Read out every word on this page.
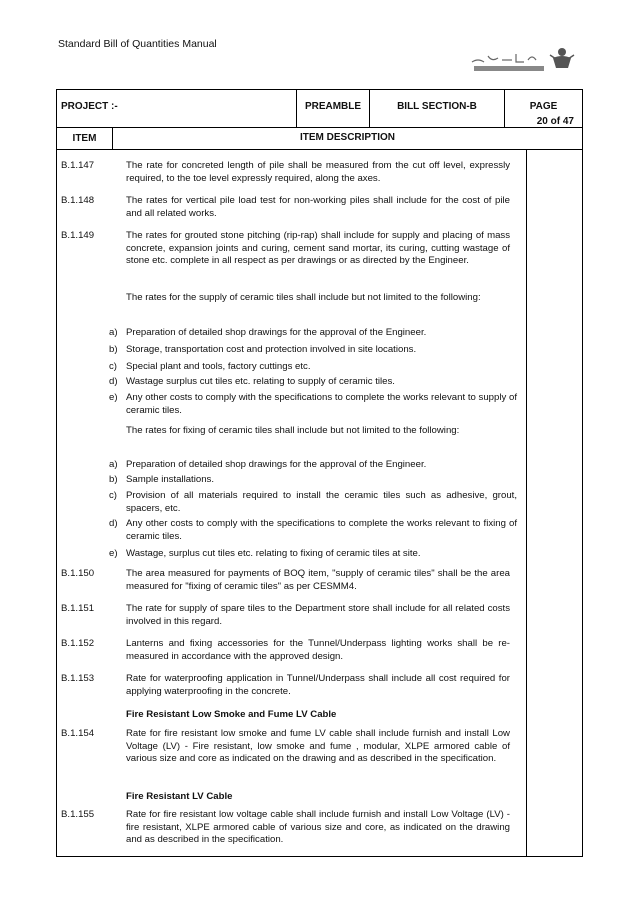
Standard Bill of Quantities Manual
PROJECT :-	PREAMBLE	BILL SECTION-B	PAGE
20 of 47
ITEM	ITEM DESCRIPTION
B.1.147	The rate for concreted length of pile shall be measured from the cut off level, expressly required, to the toe level expressly required, along the axes.
B.1.148	The rates for vertical pile load test for non-working piles shall include for the cost of pile and all related works.
B.1.149	The rates for grouted stone pitching (rip-rap) shall include for supply and placing of mass concrete, expansion joints and curing, cement sand mortar, its curing, cutting wastage of stone etc. complete in all respect as per drawings or as directed by the Engineer.
The rates for the supply of ceramic tiles shall include but not limited to the following:
a) Preparation of detailed shop drawings for the approval of the Engineer.
b) Storage, transportation cost and protection involved in site locations.
c) Special plant and tools, factory cuttings etc.
d) Wastage surplus cut tiles etc. relating to supply of ceramic tiles.
e) Any other costs to comply with the specifications to complete the works relevant to supply of ceramic tiles.
The rates for fixing of ceramic tiles shall include but not limited to the following:
a) Preparation of detailed shop drawings for the approval of the Engineer.
b) Sample installations.
c) Provision of all materials required to install the ceramic tiles such as adhesive, grout, spacers, etc.
d) Any other costs to comply with the specifications to complete the works relevant to fixing of ceramic tiles.
e) Wastage, surplus cut tiles etc. relating to fixing of ceramic tiles at site.
B.1.150	The area measured for payments of BOQ item, "supply of ceramic tiles" shall be the area measured for "fixing of ceramic tiles" as per CESMM4.
B.1.151	The rate for supply of spare tiles to the Department store shall include for all related costs involved in this regard.
B.1.152	Lanterns and fixing accessories for the Tunnel/Underpass lighting works shall be re-measured in accordance with the approved design.
B.1.153	Rate for waterproofing application in Tunnel/Underpass shall include all cost required for applying waterproofing in the concrete.
Fire Resistant Low Smoke and Fume LV Cable
B.1.154	Rate for fire resistant low smoke and fume LV cable shall include furnish and install Low Voltage (LV) - Fire resistant, low smoke and fume , modular, XLPE armored cable of various size and core as indicated on the drawing and as described in the specification.
Fire Resistant LV Cable
B.1.155	Rate for fire resistant low voltage cable shall include furnish and install Low Voltage (LV) - fire resistant, XLPE armored cable of various size and core, as indicated on the drawing and as described in the specification.
